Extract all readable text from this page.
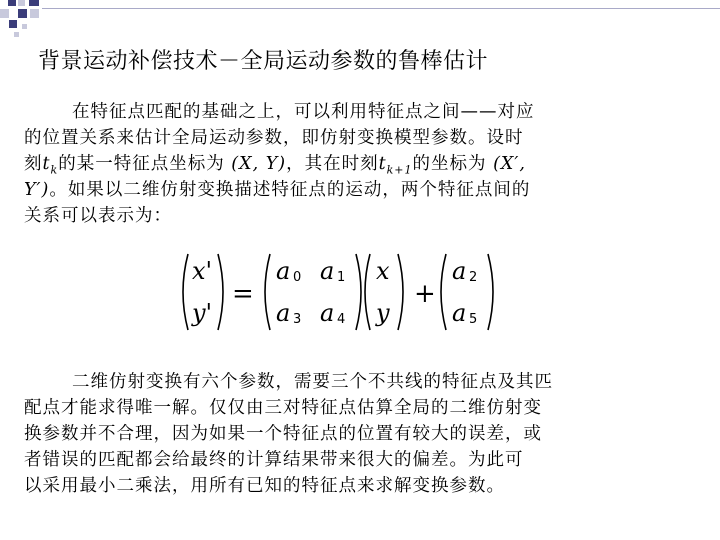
背景运动补偿技术－全局运动参数的鲁棒估计
在特征点匹配的基础之上，可以利用特征点之间——对应
的位置关系来估计全局运动参数，即仿射变换模型参数。设时
刻$t_k$的某一特征点坐标为 (X, Y)，其在时刻$t_{k+1}$的坐标为 (X′,
Y′)。如果以二维仿射变换描述特征点的运动，两个特征点间的
关系可以表示为：
x'
y'
=
a 0 a 1
a 3 a 4
x
y
+
a 2
a 5
二维仿射变换有六个参数，需要三个不共线的特征点及其匹
配点才能求得唯一解。仅仅由三对特征点估算全局的二维仿射变
换参数并不合理，因为如果一个特征点的位置有较大的误差，或
者错误的匹配都会给最终的计算结果带来很大的偏差。为此可
以采用最小二乘法，用所有已知的特征点来求解变换参数。
